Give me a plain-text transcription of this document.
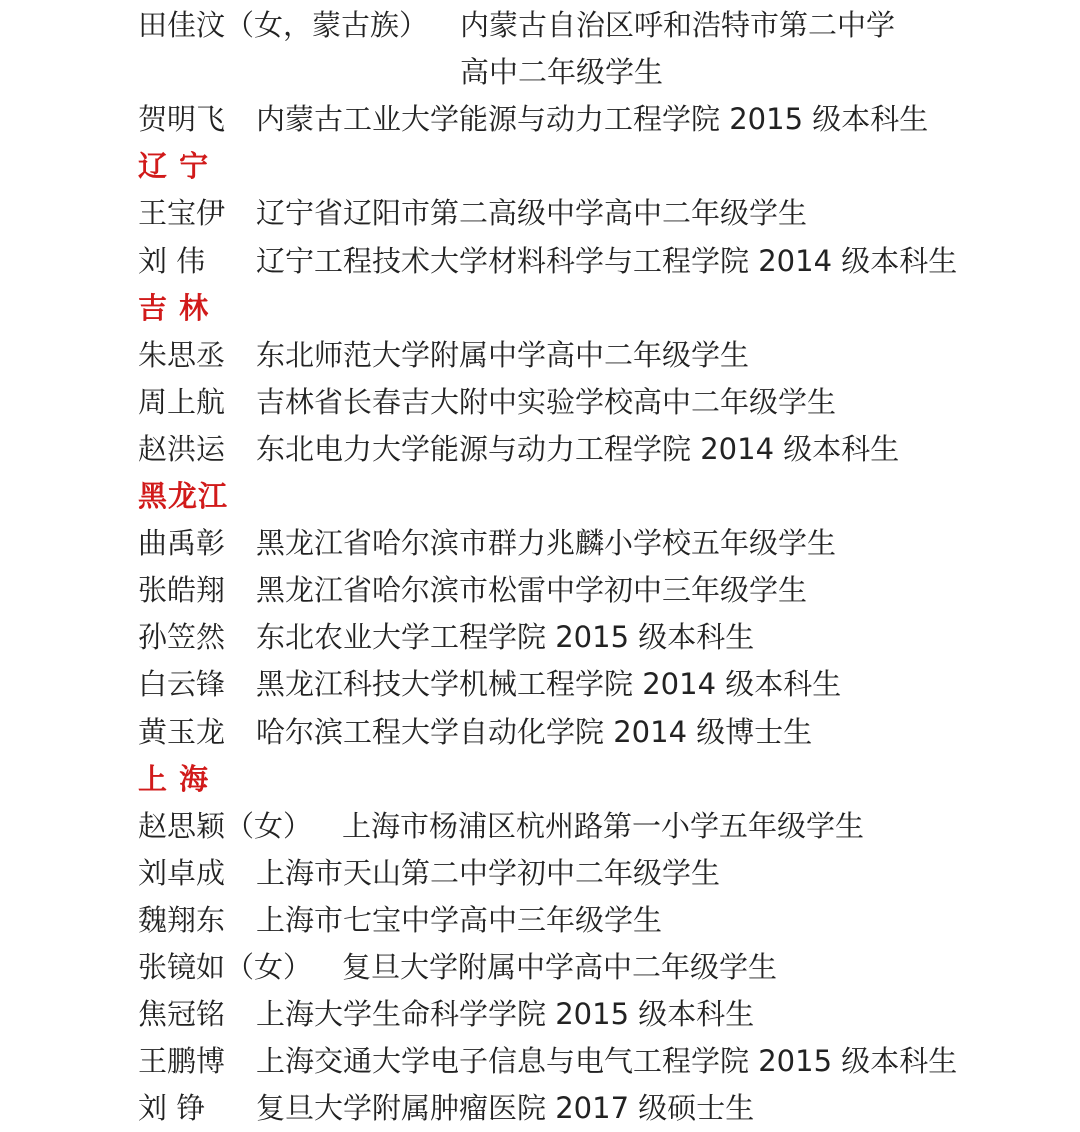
田佳汶（女，蒙古族） 内蒙古自治区呼和浩特市第二中学
高中二年级学生
贺明飞 内蒙古工业大学能源与动力工程学院 2015 级本科生
辽 宁
王宝伊 辽宁省辽阳市第二高级中学高中二年级学生
刘 伟 辽宁工程技术大学材料科学与工程学院 2014 级本科生
吉 林
朱思丞 东北师范大学附属中学高中二年级学生
周上航 吉林省长春吉大附中实验学校高中二年级学生
赵洪运 东北电力大学能源与动力工程学院 2014 级本科生
黑龙江
曲禹彰 黑龙江省哈尔滨市群力兆麟小学校五年级学生
张皓翔 黑龙江省哈尔滨市松雷中学初中三年级学生
孙笠然 东北农业大学工程学院 2015 级本科生
白云锋 黑龙江科技大学机械工程学院 2014 级本科生
黄玉龙 哈尔滨工程大学自动化学院 2014 级博士生
上 海
赵思颖（女） 上海市杨浦区杭州路第一小学五年级学生
刘卓成 上海市天山第二中学初中二年级学生
魏翔东 上海市七宝中学高中三年级学生
张镜如（女） 复旦大学附属中学高中二年级学生
焦冠铭 上海大学生命科学学院 2015 级本科生
王鹏博 上海交通大学电子信息与电气工程学院 2015 级本科生
刘 铮 复旦大学附属肿瘤医院 2017 级硕士生
